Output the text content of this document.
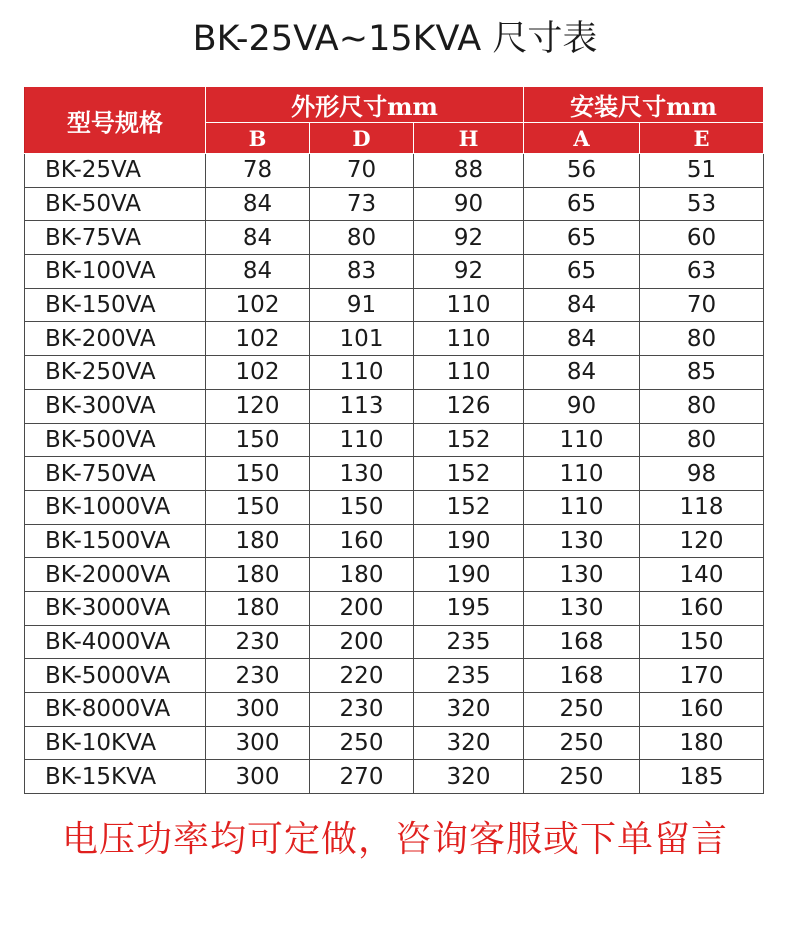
BK-25VA~15KVA 尺寸表
型号规格	外形尺寸mm			安装尺寸mm	
	B	D	H	A	E
BK-25VA	78	70	88	56	51
BK-50VA	84	73	90	65	53
BK-75VA	84	80	92	65	60
BK-100VA	84	83	92	65	63
BK-150VA	102	91	110	84	70
BK-200VA	102	101	110	84	80
BK-250VA	102	110	110	84	85
BK-300VA	120	113	126	90	80
BK-500VA	150	110	152	110	80
BK-750VA	150	130	152	110	98
BK-1000VA	150	150	152	110	118
BK-1500VA	180	160	190	130	120
BK-2000VA	180	180	190	130	140
BK-3000VA	180	200	195	130	160
BK-4000VA	230	200	235	168	150
BK-5000VA	230	220	235	168	170
BK-8000VA	300	230	320	250	160
BK-10KVA	300	250	320	250	180
BK-15KVA	300	270	320	250	185
电压功率均可定做，咨询客服或下单留言
